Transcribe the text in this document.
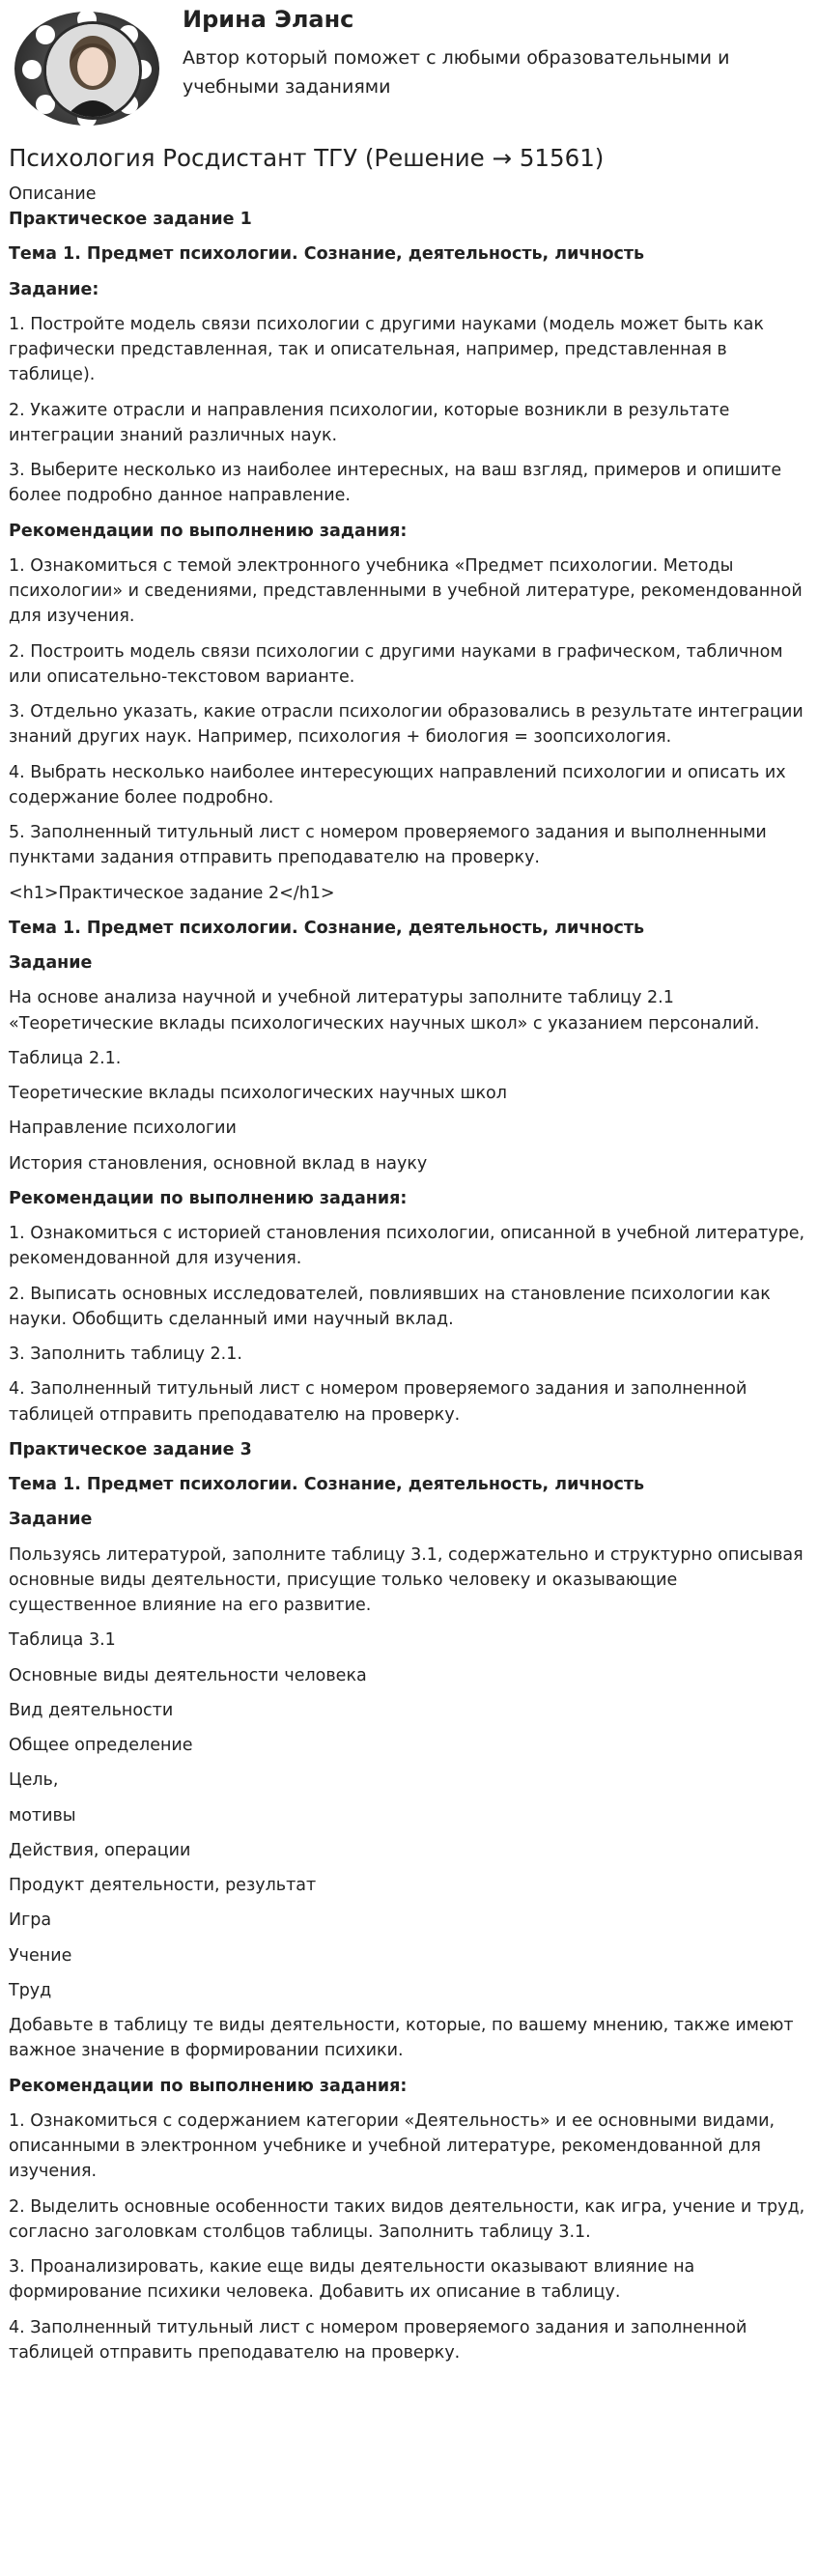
Ирина Эланс

Автор который поможет с любыми образовательными и учебными заданиями

Психология Росдистант ТГУ (Решение → 51561)
Описание

Практическое задание 1

Тема 1. Предмет психологии. Сознание, деятельность, личность

Задание:

1. Постройте модель связи психологии с другими науками (модель может быть как графически представленная, так и описательная, например, представленная в таблице).

2. Укажите отрасли и направления психологии, которые возникли в результате интеграции знаний различных наук.

3. Выберите несколько из наиболее интересных, на ваш взгляд, примеров и опишите более подробно данное направление.

Рекомендации по выполнению задания:

1. Ознакомиться с темой электронного учебника «Предмет психологии. Методы психологии» и сведениями, представленными в учебной литературе, рекомендованной для изучения.

2. Построить модель связи психологии с другими науками в графическом, табличном или описательно-текстовом варианте.

3. Отдельно указать, какие отрасли психологии образовались в результате интеграции знаний других наук. Например, психология + биология = зоопсихология.

4. Выбрать несколько наиболее интересующих направлений психологии и описать их содержание более подробно.

5. Заполненный титульный лист с номером проверяемого задания и выполненными пунктами задания отправить преподавателю на проверку.

<h1>Практическое задание 2</h1>

Тема 1. Предмет психологии. Сознание, деятельность, личность

Задание

На основе анализа научной и учебной литературы заполните таблицу 2.1 «Теоретические вклады психологических научных школ» с указанием персоналий.

Таблица 2.1.

Теоретические вклады психологических научных школ

Направление психологии

История становления, основной вклад в науку

Рекомендации по выполнению задания:

1. Ознакомиться с историей становления психологии, описанной в учебной литературе, рекомендованной для изучения.

2. Выписать основных исследователей, повлиявших на становление психологии как науки. Обобщить сделанный ими научный вклад.

3. Заполнить таблицу 2.1.

4. Заполненный титульный лист с номером проверяемого задания и заполненной таблицей отправить преподавателю на проверку.

Практическое задание 3

Тема 1. Предмет психологии. Сознание, деятельность, личность

Задание

Пользуясь литературой, заполните таблицу 3.1, содержательно и структурно описывая основные виды деятельности, присущие только человеку и оказывающие существенное влияние на его развитие.

Таблица 3.1

Основные виды деятельности человека

Вид деятельности

Общее определение

Цель,

мотивы

Действия, операции

Продукт деятельности, результат

Игра

Учение

Труд

Добавьте в таблицу те виды деятельности, которые, по вашему мнению, также имеют важное значение в формировании психики.

Рекомендации по выполнению задания:

1. Ознакомиться с содержанием категории «Деятельность» и ее основными видами, описанными в электронном учебнике и учебной литературе, рекомендованной для изучения.

2. Выделить основные особенности таких видов деятельности, как игра, учение и труд, согласно заголовкам столбцов таблицы. Заполнить таблицу 3.1.

3. Проанализировать, какие еще виды деятельности оказывают влияние на формирование психики человека. Добавить их описание в таблицу.

4. Заполненный титульный лист с номером проверяемого задания и заполненной таблицей отправить преподавателю на проверку.
